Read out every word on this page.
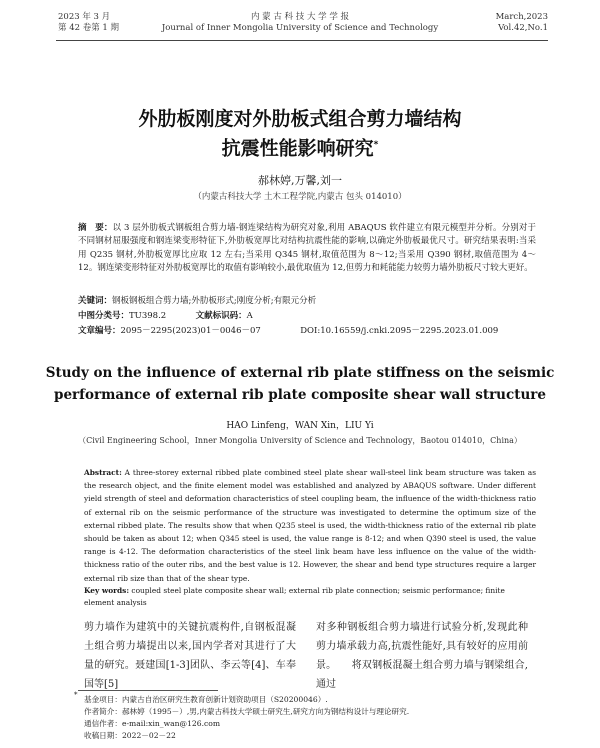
2023 年 3 月
第 42 卷第 1 期
内 蒙 古 科 技 大 学 学 报
Journal of Inner Mongolia University of Science and Technology
March,2023
Vol.42,No.1
外肋板刚度对外肋板式组合剪力墙结构
抗震性能影响研究*
郝林婷,万馨,刘一
（内蒙古科技大学 土木工程学院,内蒙古 包头 014010）
摘　要：以 3 层外肋板式钢板组合剪力墙-钢连梁结构为研究对象,利用 ABAQUS 软件建立有限元模型并分析。分别对于不同钢材屈服强度和钢连梁变形特征下,外肋板宽厚比对结构抗震性能的影响,以确定外肋板最优尺寸。研究结果表明:当采用 Q235 钢材,外肋板宽厚比应取 12 左右;当采用 Q345 钢材,取值范围为 8～12;当采用 Q390 钢材,取值范围为 4～12。钢连梁变形特征对外肋板宽厚比的取值有影响较小,最优取值为 12,但剪力和耗能能力较剪力墙外肋板尺寸较大更好。
关键词：钢板钢板组合剪力墙;外肋板形式;刚度分析;有限元分析
中图分类号：TU398.2	文献标识码：A
文章编号：2095－2295(2023)01－0046－07	DOI:10.16559/j.cnki.2095－2295.2023.01.009
Study on the influence of external rib plate stiffness on the seismic
performance of external rib plate composite shear wall structure
HAO Linfeng，WAN Xin，LIU Yi
（Civil Engineering School，Inner Mongolia University of Science and Technology，Baotou 014010，China）
Abstract: A three-storey external ribbed plate combined steel plate shear wall-steel link beam structure was taken as the research object, and the finite element model was established and analyzed by ABAQUS software. Under different yield strength of steel and deformation characteristics of steel coupling beam, the influence of the width-thickness ratio of external rib on the seismic performance of the structure was investigated to determine the optimum size of the external ribbed plate. The results show that when Q235 steel is used, the width-thickness ratio of the external rib plate should be taken as about 12; when Q345 steel is used, the value range is 8-12; and when Q390 steel is used, the value range is 4-12. The deformation characteristics of the steel link beam have less influence on the value of the width-thickness ratio of the outer ribs, and the best value is 12. However, the shear and bend type structures require a larger external rib size than that of the shear type.
Key words: coupled steel plate composite shear wall; external rib plate connection; seismic performance; finite element analysis
剪力墙作为建筑中的关键抗震构件,自钢板混凝土组合剪力墙提出以来,国内学者对其进行了大量的研究。聂建国[1-3]团队、李云等[4]、车奉国等[5]
对多种钢板组合剪力墙进行试验分析,发现此种剪力墙承载力高,抗震性能好,具有较好的应用前景。　　将双钢板混凝土组合剪力墙与钢梁组合,通过
* 基金项目：内蒙古自治区研究生教育创新计划资助项目（S20200046）.
作者简介：郝林婷（1995－）,男,内蒙古科技大学硕士研究生,研究方向为钢结构设计与理论研究.
通信作者：e-mail:xin_wan@126.com
收稿日期：2022－02－22
